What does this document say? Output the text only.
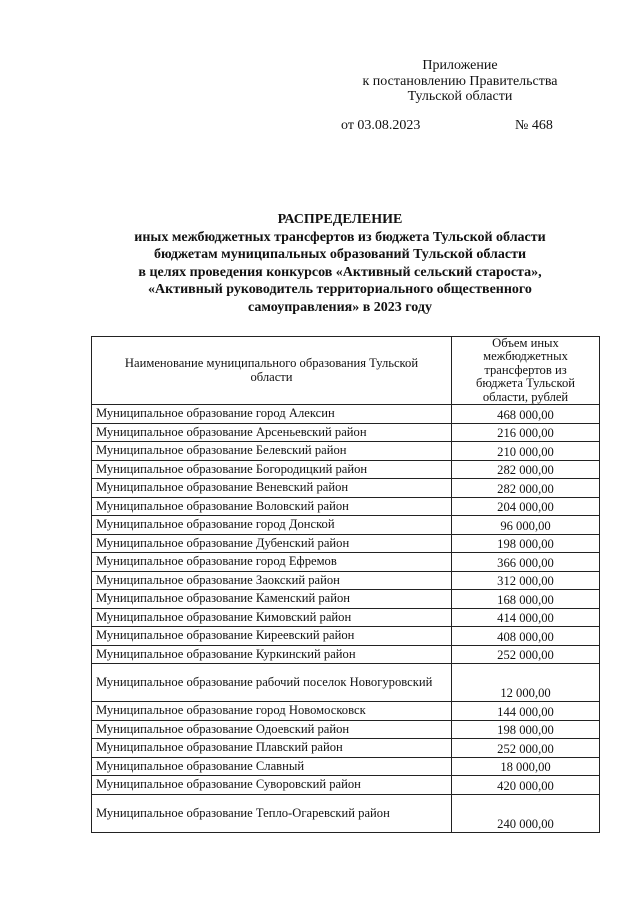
Приложение
к постановлению Правительства
Тульской области
от 03.08.2023	№ 468
РАСПРЕДЕЛЕНИЕ
иных межбюджетных трансфертов из бюджета Тульской области
бюджетам муниципальных образований Тульской области
в целях проведения конкурсов «Активный сельский староста»,
«Активный руководитель территориального общественного
самоуправления» в 2023 году
Наименование муниципального образования Тульской области	Объем иных межбюджетных трансфертов из бюджета Тульской области, рублей
Муниципальное образование город Алексин	468 000,00
Муниципальное образование Арсеньевский район	216 000,00
Муниципальное образование Белевский район	210 000,00
Муниципальное образование Богородицкий район	282 000,00
Муниципальное образование Веневский район	282 000,00
Муниципальное образование Воловский район	204 000,00
Муниципальное образование город Донской	96 000,00
Муниципальное образование Дубенский район	198 000,00
Муниципальное образование город Ефремов	366 000,00
Муниципальное образование Заокский район	312 000,00
Муниципальное образование Каменский район	168 000,00
Муниципальное образование Кимовский район	414 000,00
Муниципальное образование Киреевский район	408 000,00
Муниципальное образование Куркинский район	252 000,00
Муниципальное образование рабочий поселок Новогуровский	12 000,00
Муниципальное образование город Новомосковск	144 000,00
Муниципальное образование Одоевский район	198 000,00
Муниципальное образование Плавский район	252 000,00
Муниципальное образование Славный	18 000,00
Муниципальное образование Суворовский район	420 000,00
Муниципальное образование Тепло-Огаревский район	240 000,00
